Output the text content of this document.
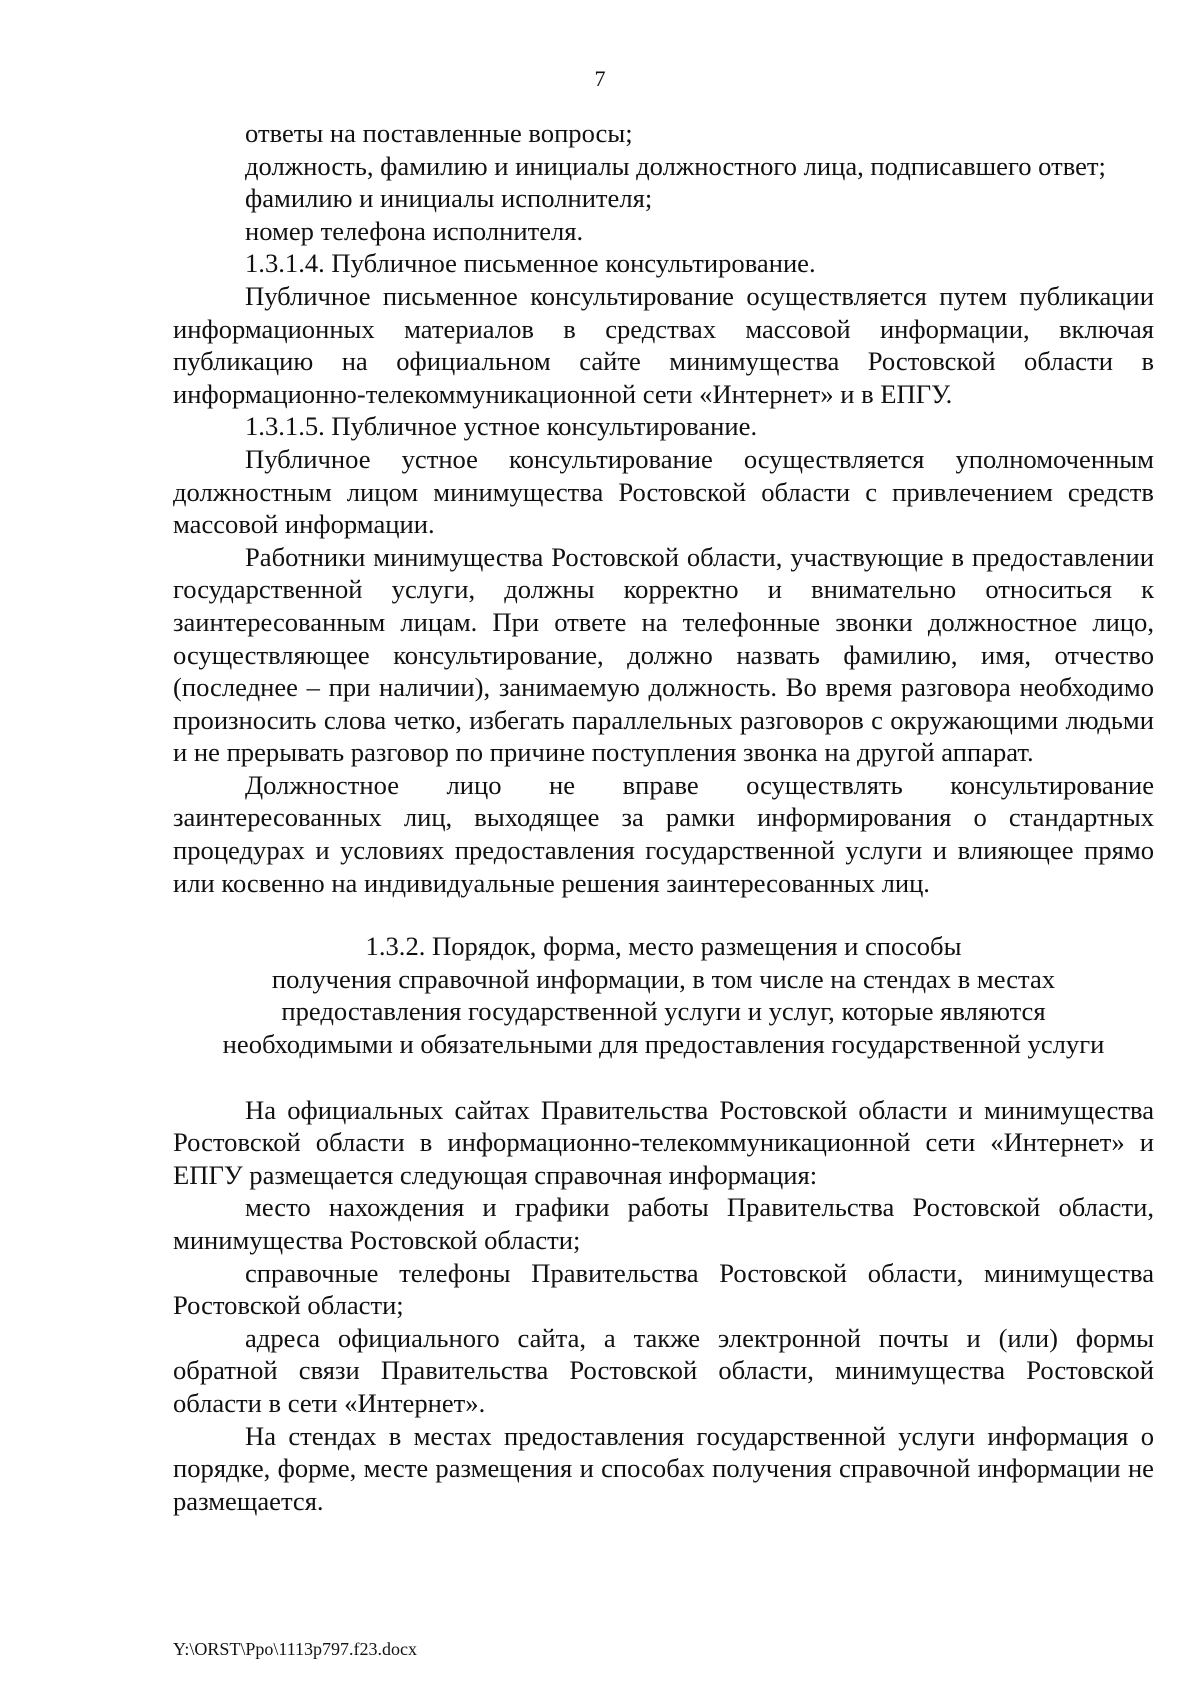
7

ответы на поставленные вопросы;

должность, фамилию и инициалы должностного лица, подписавшего ответ;

фамилию и инициалы исполнителя;

номер телефона исполнителя.

1.3.1.4. Публичное письменное консультирование.

Публичное письменное консультирование осуществляется путем публикации информационных материалов в средствах массовой информации, включая публикацию на официальном сайте минимущества Ростовской области в информационно-телекоммуникационной сети «Интернет» и в ЕПГУ.

1.3.1.5. Публичное устное консультирование.

Публичное устное консультирование осуществляется уполномоченным должностным лицом минимущества Ростовской области с привлечением средств массовой информации.

Работники минимущества Ростовской области, участвующие в предоставлении государственной услуги, должны корректно и внимательно относиться к заинтересованным лицам. При ответе на телефонные звонки должностное лицо, осуществляющее консультирование, должно назвать фамилию, имя, отчество (последнее – при наличии), занимаемую должность. Во время разговора необходимо произносить слова четко, избегать параллельных разговоров с окружающими людьми и не прерывать разговор по причине поступления звонка на другой аппарат.

Должностное лицо не вправе осуществлять консультирование заинтересованных лиц, выходящее за рамки информирования о стандартных процедурах и условиях предоставления государственной услуги и влияющее прямо или косвенно на индивидуальные решения заинтересованных лиц.

1.3.2. Порядок, форма, место размещения и способы
получения справочной информации, в том числе на стендах в местах
предоставления государственной услуги и услуг, которые являются
необходимыми и обязательными для предоставления государственной услуги

На официальных сайтах Правительства Ростовской области и минимущества Ростовской области в информационно-телекоммуникационной сети «Интернет» и ЕПГУ размещается следующая справочная информация:

место нахождения и графики работы Правительства Ростовской области, минимущества Ростовской области;

справочные телефоны Правительства Ростовской области, минимущества Ростовской области;

адреса официального сайта, а также электронной почты и (или) формы обратной связи Правительства Ростовской области, минимущества Ростовской области в сети «Интернет».

На стендах в местах предоставления государственной услуги информация о порядке, форме, месте размещения и способах получения справочной информации не размещается.

Y:\ORST\Ppo\1113p797.f23.docx
